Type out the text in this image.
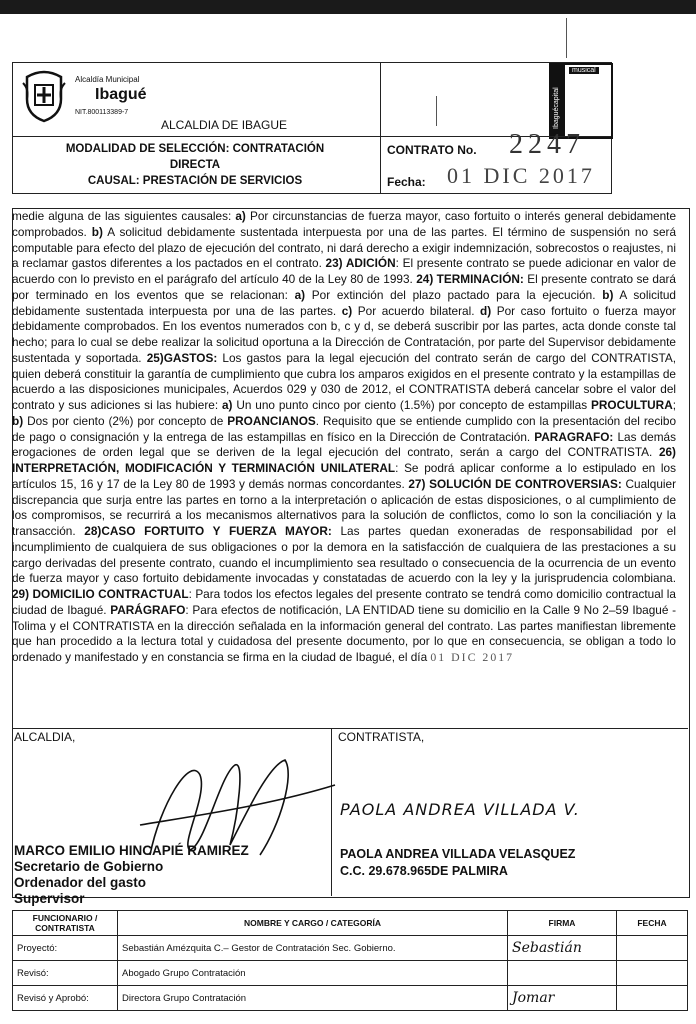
Alcaldía Municipal
Ibagué
NIT.800113389-7
ALCALDIA DE IBAGUE	Ibaguécapital
musical
MODALIDAD DE SELECCIÓN: CONTRATACIÓN
DIRECTA
CAUSAL: PRESTACIÓN DE SERVICIOS
CONTRATO No. 2247
Fecha: 01 DIC 2017
medie alguna de las siguientes causales: a) Por circunstancias de fuerza mayor, caso fortuito o interés general debidamente comprobados. b) A solicitud debidamente sustentada interpuesta por una de las partes. El término de suspensión no será computable para efecto del plazo de ejecución del contrato, ni dará derecho a exigir indemnización, sobrecostos o reajustes, ni a reclamar gastos diferentes a los pactados en el contrato. 23) ADICIÓN: El presente contrato se puede adicionar en valor de acuerdo con lo previsto en el parágrafo del artículo 40 de la Ley 80 de 1993. 24) TERMINACIÓN: El presente contrato se dará por terminado en los eventos que se relacionan: a) Por extinción del plazo pactado para la ejecución. b) A solicitud debidamente sustentada interpuesta por una de las partes. c) Por acuerdo bilateral. d) Por caso fortuito o fuerza mayor debidamente comprobados. En los eventos numerados con b, c y d, se deberá suscribir por las partes, acta donde conste tal hecho; para lo cual se debe realizar la solicitud oportuna a la Dirección de Contratación, por parte del Supervisor debidamente sustentada y soportada. 25)GASTOS: Los gastos para la legal ejecución del contrato serán de cargo del CONTRATISTA, quien deberá constituir la garantía de cumplimiento que cubra los amparos exigidos en el presente contrato y la estampillas de acuerdo a las disposiciones municipales, Acuerdos 029 y 030 de 2012, el CONTRATISTA deberá cancelar sobre el valor del contrato y sus adiciones si las hubiere: a) Un uno punto cinco por ciento (1.5%) por concepto de estampillas PROCULTURA; b) Dos por ciento (2%) por concepto de PROANCIANOS. Requisito que se entiende cumplido con la presentación del recibo de pago o consignación y la entrega de las estampillas en físico en la Dirección de Contratación. PARAGRAFO: Las demás erogaciones de orden legal que se deriven de la legal ejecución del contrato, serán a cargo del CONTRATISTA. 26) INTERPRETACIÓN, MODIFICACIÓN Y TERMINACIÓN UNILATERAL: Se podrá aplicar conforme a lo estipulado en los artículos 15, 16 y 17 de la Ley 80 de 1993 y demás normas concordantes. 27) SOLUCIÓN DE CONTROVERSIAS: Cualquier discrepancia que surja entre las partes en torno a la interpretación o aplicación de estas disposiciones, o al cumplimiento de los compromisos, se recurrirá a los mecanismos alternativos para la solución de conflictos, como lo son la conciliación y la transacción. 28)CASO FORTUITO Y FUERZA MAYOR: Las partes quedan exoneradas de responsabilidad por el incumplimiento de cualquiera de sus obligaciones o por la demora en la satisfacción de cualquiera de las prestaciones a su cargo derivadas del presente contrato, cuando el incumplimiento sea resultado o consecuencia de la ocurrencia de un evento de fuerza mayor y caso fortuito debidamente invocadas y constatadas de acuerdo con la ley y la jurisprudencia colombiana. 29) DOMICILIO CONTRACTUAL: Para todos los efectos legales del presente contrato se tendrá como domicilio contractual la ciudad de Ibagué. PARÁGRAFO: Para efectos de notificación, LA ENTIDAD tiene su domicilio en la Calle 9 No 2–59 Ibagué - Tolima y el CONTRATISTA en la dirección señalada en la información general del contrato. Las partes manifiestan libremente que han procedido a la lectura total y cuidadosa del presente documento, por lo que en consecuencia, se obligan a todo lo ordenado y manifestado y en constancia se firma en la ciudad de Ibagué, el día 01 DIC 2017
ALCALDIA,	CONTRATISTA,
PAOLA ANDREA VILLADA V.
MARCO EMILIO HINCAPIÉ RAMIREZ
Secretario de Gobierno
Ordenador del gasto
Supervisor
PAOLA ANDREA VILLADA VELASQUEZ
C.C. 29.678.965DE PALMIRA
FUNCIONARIO / CONTRATISTA	NOMBRE Y CARGO / CATEGORÍA	FIRMA	FECHA
Proyectó:	Sebastián Amézquita C.– Gestor de Contratación Sec. Gobierno.	Sebastián	
Revisó:	Abogado Grupo Contratación		
Revisó y Aprobó:	Directora Grupo Contratación	Jomar	
